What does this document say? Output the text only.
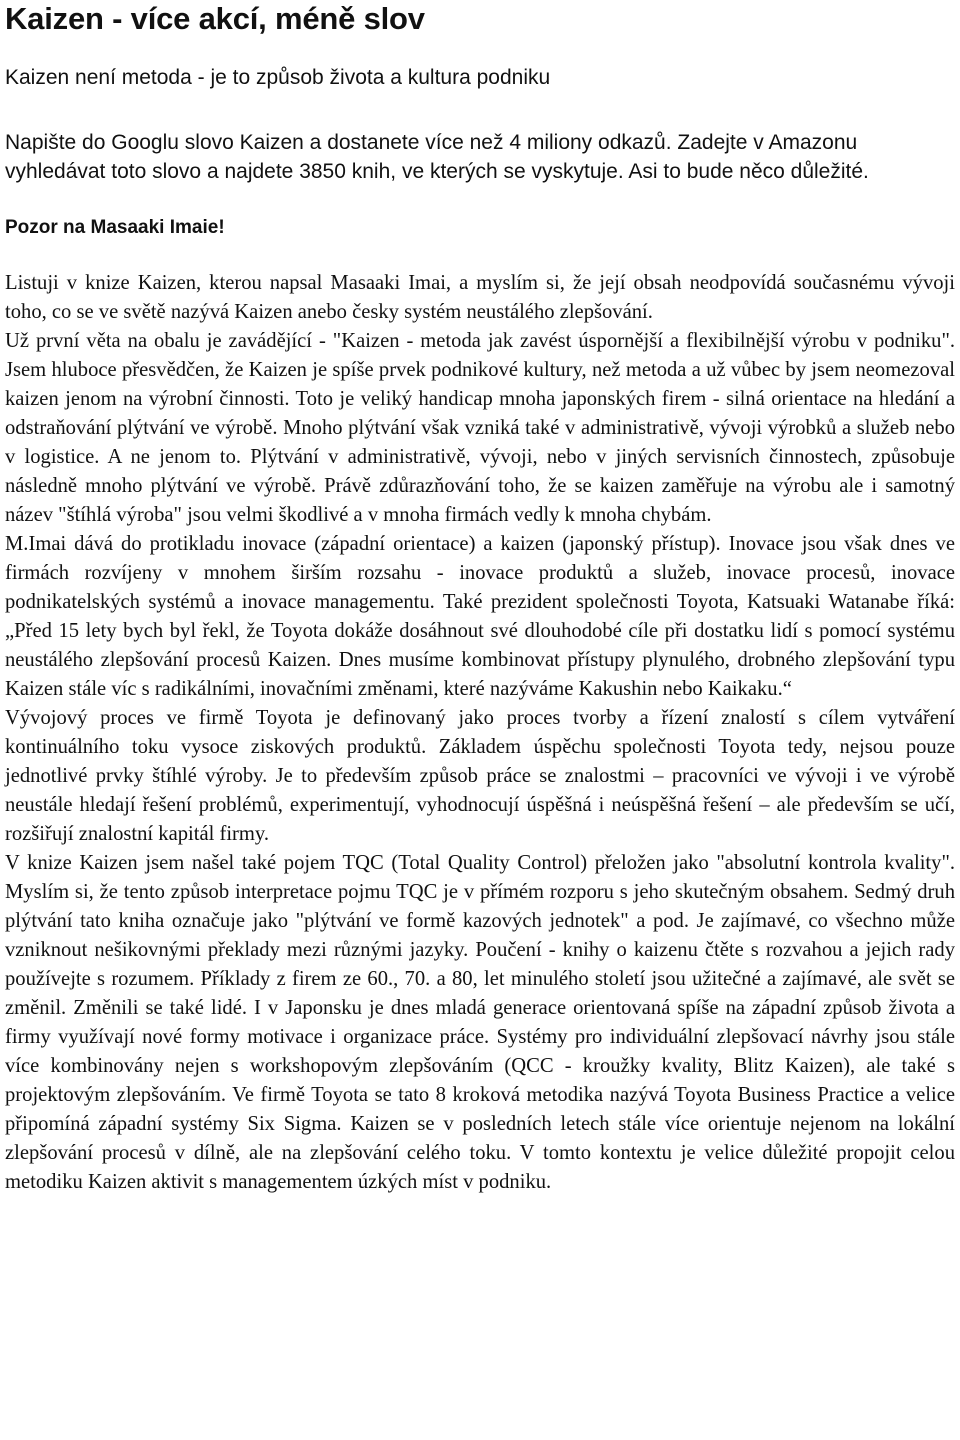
Kaizen - více akcí, méně slov
Kaizen není metoda - je to způsob života a kultura podniku
Napište do Googlu slovo Kaizen a dostanete více než 4 miliony odkazů. Zadejte v Amazonu vyhledávat toto slovo a najdete 3850 knih, ve kterých se vyskytuje. Asi to bude něco důležité.
Pozor na Masaaki Imaie!

Listuji v knize Kaizen, kterou napsal Masaaki Imai, a myslím si, že její obsah neodpovídá současnému vývoji toho, co se ve světě nazývá Kaizen anebo česky systém neustálého zlepšování.

Už první věta na obalu je zavádějící - "Kaizen - metoda jak zavést úspornější a flexibilnější výrobu v podniku". Jsem hluboce přesvědčen, že Kaizen je spíše prvek podnikové kultury, než metoda a už vůbec by jsem neomezoval kaizen jenom na výrobní činnosti. Toto je veliký handicap mnoha japonských firem - silná orientace na hledání a odstraňování plýtvání ve výrobě. Mnoho plýtvání však vzniká také v administrativě, vývoji výrobků a služeb nebo v logistice. A ne jenom to. Plýtvání v administrativě, vývoji, nebo v jiných servisních činnostech, způsobuje následně mnoho plýtvání ve výrobě. Právě zdůrazňování toho, že se kaizen zaměřuje na výrobu ale i samotný název "štíhlá výroba" jsou velmi škodlivé a v mnoha firmách vedly k mnoha chybám.

M.Imai dává do protikladu inovace (západní orientace) a kaizen (japonský přístup). Inovace jsou však dnes ve firmách rozvíjeny v mnohem širším rozsahu - inovace produktů a služeb, inovace procesů, inovace podnikatelských systémů a inovace managementu. Také prezident společnosti Toyota, Katsuaki Watanabe říká: „Před 15 lety bych byl řekl, že Toyota dokáže dosáhnout své dlouhodobé cíle při dostatku lidí s pomocí systému neustálého zlepšování procesů Kaizen. Dnes musíme kombinovat přístupy plynulého, drobného zlepšování typu Kaizen stále víc s radikálními, inovačními změnami, které nazýváme Kakushin nebo Kaikaku.“

Vývojový proces ve firmě Toyota je definovaný jako proces tvorby a řízení znalostí s cílem vytváření kontinuálního toku vysoce ziskových produktů. Základem úspěchu společnosti Toyota tedy, nejsou pouze jednotlivé prvky štíhlé výroby. Je to především způsob práce se znalostmi – pracovníci ve vývoji i ve výrobě neustále hledají řešení problémů, experimentují, vyhodnocují úspěšná i neúspěšná řešení – ale především se učí, rozšiřují znalostní kapitál firmy.

V knize Kaizen jsem našel také pojem TQC (Total Quality Control) přeložen jako "absolutní kontrola kvality". Myslím si, že tento způsob interpretace pojmu TQC je v přímém rozporu s jeho skutečným obsahem. Sedmý druh plýtvání tato kniha označuje jako "plýtvání ve formě kazových jednotek" a pod. Je zajímavé, co všechno může vzniknout nešikovnými překlady mezi různými jazyky. Poučení - knihy o kaizenu čtěte s rozvahou a jejich rady používejte s rozumem. Příklady z firem ze 60., 70. a 80, let minulého století jsou užitečné a zajímavé, ale svět se změnil. Změnili se také lidé. I v Japonsku je dnes mladá generace orientovaná spíše na západní způsob života a firmy využívají nové formy motivace i organizace práce. Systémy pro individuální zlepšovací návrhy jsou stále více kombinovány nejen s workshopovým zlepšováním (QCC - kroužky kvality, Blitz Kaizen), ale také s projektovým zlepšováním. Ve firmě Toyota se tato 8 kroková metodika nazývá Toyota Business Practice a velice připomíná západní systémy Six Sigma. Kaizen se v posledních letech stále více orientuje nejenom na lokální zlepšování procesů v dílně, ale na zlepšování celého toku. V tomto kontextu je velice důležité propojit celou metodiku Kaizen aktivit s managementem úzkých míst v podniku.
